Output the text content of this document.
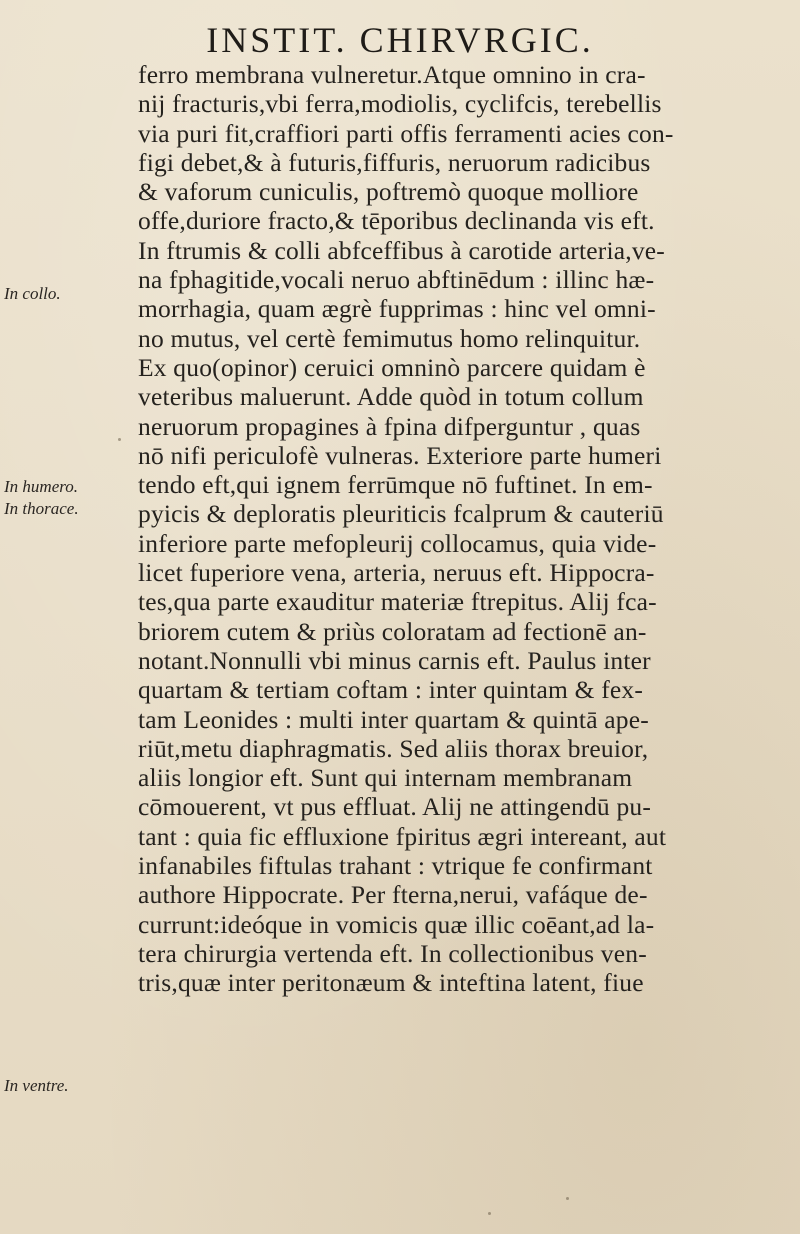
INSTIT. CHIRVRGIC.
In collo.
In humero.
In thorace.
In ventre.
ferro membrana vulneretur.Atque omnino in cra-
nij fracturis,vbi ferra,modiolis, cyclifcis, terebellis
via puri fit,craffiori parti offis ferramenti acies con-
figi debet,& à futuris,fiffuris, neruorum radicibus
& vaforum cuniculis, poftremò quoque molliore
offe,duriore fracto,& tēporibus declinanda vis eft.
In ftrumis & colli abfceffibus à carotide arteria,ve-
na fphagitide,vocali neruo abftinēdum : illinc hæ-
morrhagia, quam ægrè fupprimas : hinc vel omni-
no mutus, vel certè femimutus homo relinquitur.
Ex quo(opinor) ceruici omninò parcere quidam è
veteribus maluerunt. Adde quòd in totum collum
neruorum propagines à fpina difperguntur , quas
nō nifi periculofè vulneras. Exteriore parte humeri
tendo eft,qui ignem ferrūmque nō fuftinet. In em-
pyicis & deploratis pleuriticis fcalprum & cauteriū
inferiore parte mefopleurij collocamus, quia vide-
licet fuperiore vena, arteria, neruus eft. Hippocra-
tes,qua parte exauditur materiæ ftrepitus. Alij fca-
briorem cutem & priùs coloratam ad fectionē an-
notant.Nonnulli vbi minus carnis eft. Paulus inter
quartam & tertiam coftam : inter quintam & fex-
tam Leonides : multi inter quartam & quintā ape-
riūt,metu diaphragmatis. Sed aliis thorax breuior,
aliis longior eft. Sunt qui internam membranam
cōmouerent, vt pus effluat. Alij ne attingendū pu-
tant : quia fic effluxione fpiritus ægri intereant, aut
infanabiles fiftulas trahant : vtrique fe confirmant
authore Hippocrate. Per fterna,nerui, vafáque de-
currunt:ideóque in vomicis quæ illic coēant,ad la-
tera chirurgia vertenda eft. In collectionibus ven-
tris,quæ inter peritonæum & inteftina latent, fiue
